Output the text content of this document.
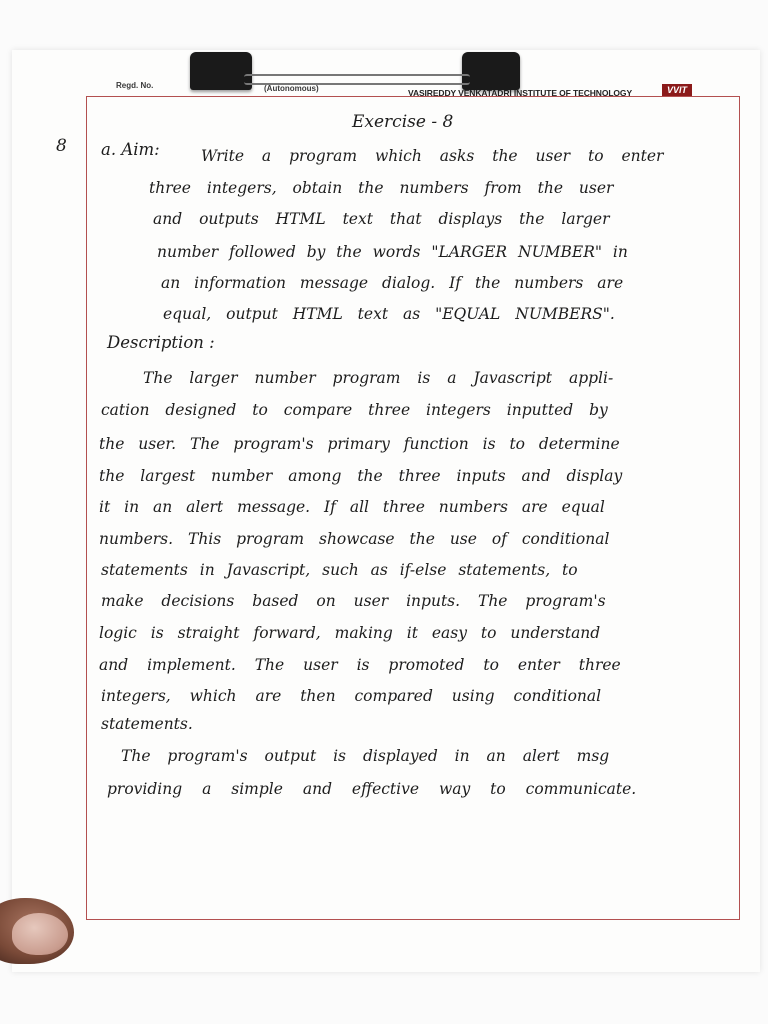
Regd. No.	(Autonomous)	VASIREDDY VENKATADRI INSTITUTE OF TECHNOLOGY	VVIT
Exercise - 8
8 a. Aim:	Write a program which asks the user to enter
three integers, obtain the numbers from the user
and outputs HTML text that displays the larger
number followed by the words "LARGER NUMBER" in
an information message dialog. If the numbers are
equal, output HTML text as "EQUAL NUMBERS".
Description :
The larger number program is a Javascript appli-
cation designed to compare three integers inputted by
the user. The program's primary function is to determine
the largest number among the three inputs and display
it in an alert message. If all three numbers are equal
numbers. This program showcase the use of conditional
statements in Javascript, such as if-else statements, to
make decisions based on user inputs. The program's
logic is straight forward, making it easy to understand
and implement. The user is promoted to enter three
integers, which are then compared using conditional
statements.
The program's output is displayed in an alert msg
providing a simple and effective way to communicate.
